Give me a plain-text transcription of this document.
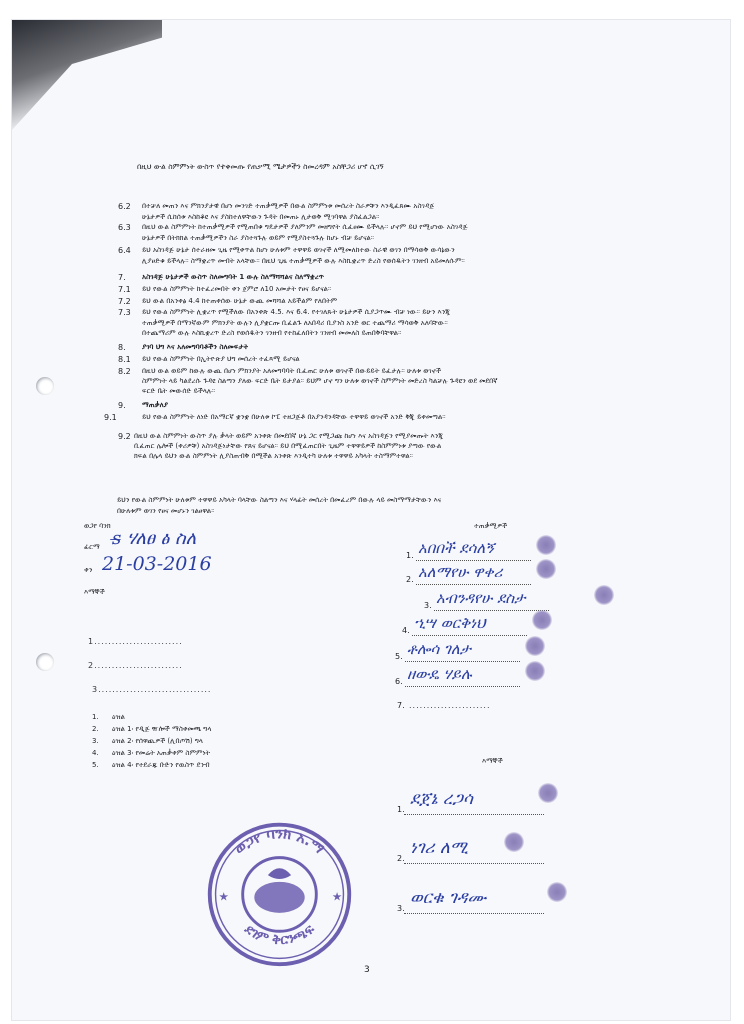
በዚህ ውል ስምምነት ውስጥ የተቀመጡ የጠቃሚ ሜታዎችን ስመረዳም አስቸጋሪ ሆኖ ሲገኝ
6.2 በተቻለ መጠን እና ምክንያታዊ በሆነ መንገድ ተጠቃሚዎች በውል ስምምነቱ መሰረት ስራዎቹን እንዲፈጸሙ አስገዳጅ
ሁኔታዎች ሲከሰቱ እስከቆዩ እና ያስከተለዋቸውን ጉዳት በመጠኑ ሊታወቅ ሚገባዋል ያስፈልጋል።
6.3 በዚህ ውል ስምምነት ከተጠቃሚዎች የሚጠበቁ ግዴታዎች ያለምንም መዘግየት ሲፈፀሙ ይችላሉ። ሆኖም ይህ የሚሆነው አስገዳጅ
ሁኔታዎች በትክክል ተጠቃሚዎችን ስራ ያስተጓጉሉ ወይም የሚያስተጓጉሉ ከሆኑ ብቻ ይሆናል።
6.4 ይህ አስገዳጅ ሁኔታ ሰተራዘመ ጊዜ የሚቀጥል ከሆነ ሁለቱም ተዋዋይ ወገኖች ለሚመለከተው ስራዊ ወገን በማሳወቅ ውሳኔውን
ሊያፀድቁ ይችላሉ። ስማቋረጥ መብት አላቸው። በዚህ ጊዜ ተጠቃሚዎች ውሉ እስኪቋረጥ ድረስ የወሰዱትን ገንዘብ አይመለሱም።
7. አስገዳጅ ሁኔታዎች ውስጥ ስለመግባት 1 ውሉ ስለማሻሻልና ስለማቋረጥ
7.1 ይህ የውል ስምምነት ከተፈረመበት ቀን ጀምሮ ለ10 አመታት የፀና ይሆናል።
7.2 ይህ ውል በአንቀፅ 4.4 ከተጠቀሰው ሁኔታ ውጪ መሻሻል አይችልም የለበትም
7.3 ይህ የውል ስምምነት ሊቋረጥ የሚችለው በአንቀጽ 4.5. እና 6.4. የተገለጹት ሁኔታዎች ሲያጋጥሙ ብቻ ነው። ይሁን እንጂ
ተጠቃሚዎች በማንኛውም ምክንያት ውሉን ሊያቋርጡ ቢፈልጉ ለአበዳሪ ቢያንስ አንድ ወር ተጨማሪ ማሳወቅ አለባቸው።
በተጨማሪም ውሉ እስኪቋረጥ ድረስ የወሰዱትን ገንዘብ የተከፈለበትን ገንዘብ መመለስ ይጠበቅባቸዋል።
8. ያገባ ህግ እና አለመግባባቶችን ስለመፍታት
8.1 ይህ የውል ስምምነት በኢትዮጵያ ህግ መሰረት ተፈጻሚ ይሆናል
8.2 በዚህ ውል ወይም ከውሉ ውጪ በሆነ ምክንያት አለመግባባት ቢፈጠር ሁለቱ ወገኖች በውይይት ይፈታሉ። ሁለቱ ወገኖች
ስምምነት ላይ ካልደረሱ ጉዳዩ ስልጣን ያለው ፍርድ ቤት ይታያል። ይህም ሆኖ ግን ሁለቱ ወገኖች ስምምነት መድረስ ካልቻሉ ጉዳዩን ወደ መደበኛ
ፍርድ ቤት መውሰድ ይችላሉ።
9. ማጠቃለያ
9.1	ይህ የውል ስምምነት ለነድ በአማርኛ ቋንቋ በሁለቱ ኮፒ ተዘጋጅቶ በአያንዳንዳቸው ተዋዋይ ወገኖች አንድ ቅጂ ይቀመጣል።
9.2 በዚህ ውል ስምምነት ውስጥ ያሉ ቃላት ወይም አንቀጽ በመደበኛ ሁኔ ጋር የሚጋጩ ከሆነ እና አስገዳጅን የሚያመጡት እንጂ
ቢፈጠር ሌሎች (ቀሪዎቹ) አስገዳጅነታቸው የጸና ይሆናል። ይህ በሚፈጠርበት ጊዜም ተዋዋይዎች ከስምምነቱ ያጣው የውል
ክፍል በሌላ ይህን ውል ስምምነት ሊያስጠብቅ በሚችል አንቀጽ እንዲተካ ሁለቱ ተዋዋይ አካላት ተስማምተዋል።
ይህን የውል ስምምነት ሁለቱም ተዋዋይ አካላት ባላቸው ስልጣን እና ሃላፊት መሰረት በመፈረም በውሉ ላይ መስማማታቸውን እና
በሁለቱም ወገን የፀና መሆኑን ገልፀዋል።
ወጋየ ባንክ
ፊርማ ꜱ̶ ሃለፀ ፅ ስለ
ቀን 21-03-2016
እማኞች
1.........................
2.........................
3................................
ተጠቃሚዎች
1. አበበች ደሳለኝ
2. አለማየሁ ዋቀሪ
3. አብንዳየሁ ደስታ
4. ኂሣ ወርቅነህ
5. ቶሎሳ ገለታ
6. ዘውዴ ሃይሉ
7. .......................
1. ዕዝል
2. ዕዝል 1፡ የዲጅ ዥሎች ማስቀመጫ ግላ
3. ዕዝል 2፡ የሰዋጪዎች (ሊበጦሽ) ግላ
4. ዕዝል 3፡ የመሬት አጠቃቀም ስምምነት
5. ዕዝል 4፡ የተደራጁ ቡድን የዉስጥ ደንብ	እማኞች
1.
ደጀኔ ረጋሳ
2.
ነገሪ ለሚ
3.
ወርቁ ገዳሙ
ወጋየ ባንክ አ.ማ
ደገም ቅርንጫፍ
★	★
3
